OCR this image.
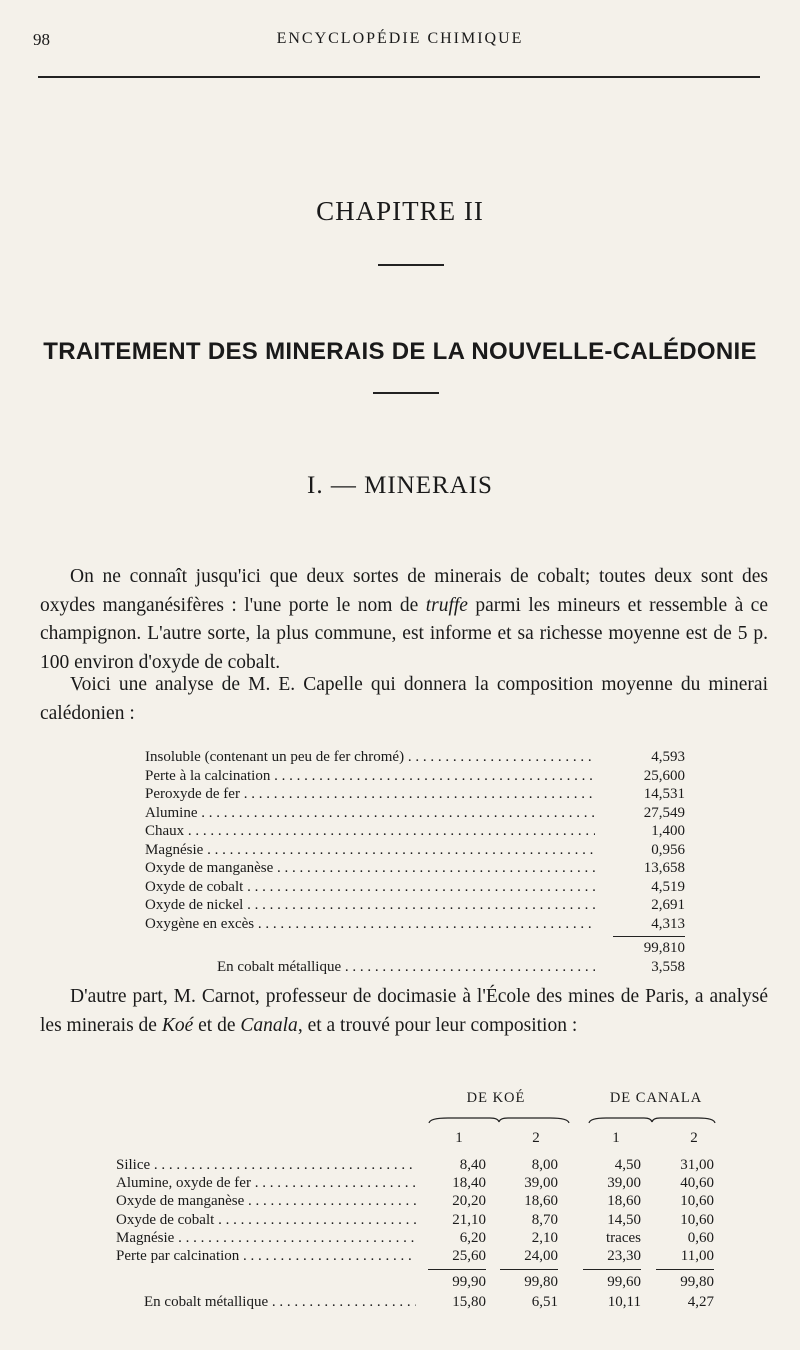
98	ENCYCLOPÉDIE CHIMIQUE
CHAPITRE II
TRAITEMENT DES MINERAIS DE LA NOUVELLE-CALÉDONIE
I. — MINERAIS
On ne connaît jusqu'ici que deux sortes de minerais de cobalt; toutes deux sont des oxydes manganésifères : l'une porte le nom de truffe parmi les mineurs et ressemble à ce champignon. L'autre sorte, la plus commune, est informe et sa richesse moyenne est de 5 p. 100 environ d'oxyde de cobalt.
Voici une analyse de M. E. Capelle qui donnera la composition moyenne du minerai calédonien :
Insoluble (contenant un peu de fer chromé) . . .	4,593
Perte à la calcination . . .	25,600
Peroxyde de fer . . .	14,531
Alumine . . .	27,549
Chaux . . .	1,400
Magnésie . . .	0,956
Oxyde de manganèse . . .	13,658
Oxyde de cobalt . . .	4,519
Oxyde de nickel . . .	2,691
Oxygène en excès . . .	4,313
99,810
En cobalt métallique . . .	3,558
D'autre part, M. Carnot, professeur de docimasie à l'École des mines de Paris, a analysé les minerais de Koé et de Canala, et a trouvé pour leur composition :
DE KOÉ	DE CANALA
1	2	1	2
Silice . . .	8,40	8,00	4,50	31,00
Alumine, oxyde de fer . . .	18,40	39,00	39,00	40,60
Oxyde de manganèse . . .	20,20	18,60	18,60	10,60
Oxyde de cobalt . . .	21,10	8,70	14,50	10,60
Magnésie . . .	6,20	2,10	traces	0,60
Perte par calcination . . .	25,60	24,00	23,30	11,00
99,90	99,80	99,60	99,80
En cobalt métallique . . .	15,80	6,51	10,11	4,27
